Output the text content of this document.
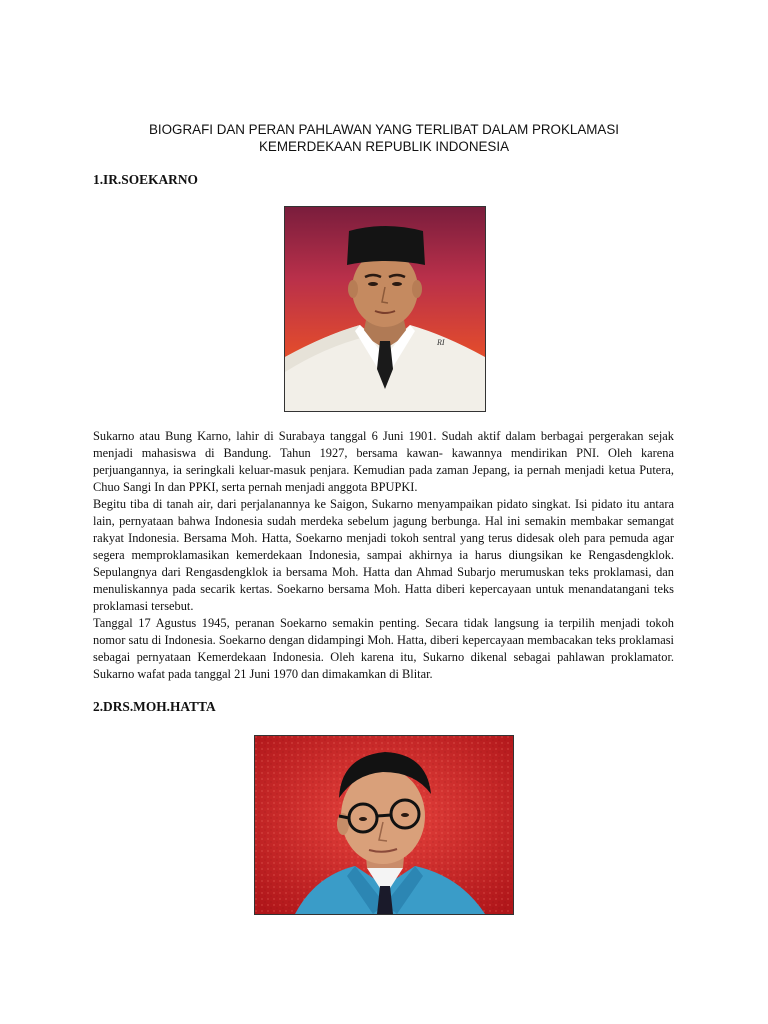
BIOGRAFI DAN PERAN PAHLAWAN YANG TERLIBAT DALAM PROKLAMASI
KEMERDEKAAN REPUBLIK INDONESIA
1.IR.SOEKARNO
RI

Sukarno atau Bung Karno, lahir di Surabaya tanggal 6 Juni 1901. Sudah aktif dalam berbagai pergerakan sejak menjadi mahasiswa di Bandung. Tahun 1927, bersama kawan- kawannya mendirikan PNI. Oleh karena perjuangannya, ia seringkali keluar-masuk penjara. Kemudian pada zaman Jepang, ia pernah menjadi ketua Putera, Chuo Sangi In dan PPKI, serta pernah menjadi anggota BPUPKI.

Begitu tiba di tanah air, dari perjalanannya ke Saigon, Sukarno menyampaikan pidato singkat. Isi pidato itu antara lain, pernyataan bahwa Indonesia sudah merdeka sebelum jagung berbunga. Hal ini semakin membakar semangat rakyat Indonesia. Bersama Moh. Hatta, Soekarno menjadi tokoh sentral yang terus didesak oleh para pemuda agar segera memproklamasikan kemerdekaan Indonesia, sampai akhirnya ia harus diungsikan ke Rengasdengklok. Sepulangnya dari Rengasdengklok ia bersama Moh. Hatta dan Ahmad Subarjo merumuskan teks proklamasi, dan menuliskannya pada secarik kertas. Soekarno bersama Moh. Hatta diberi kepercayaan untuk menandatangani teks proklamasi tersebut.

Tanggal 17 Agustus 1945, peranan Soekarno semakin penting. Secara tidak langsung ia terpilih menjadi tokoh nomor satu di Indonesia. Soekarno dengan didampingi Moh. Hatta, diberi kepercayaan membacakan teks proklamasi sebagai pernyataan Kemerdekaan Indonesia. Oleh karena itu, Sukarno dikenal sebagai pahlawan proklamator. Sukarno wafat pada tanggal 21 Juni 1970 dan dimakamkan di Blitar.

2.DRS.MOH.HATTA
